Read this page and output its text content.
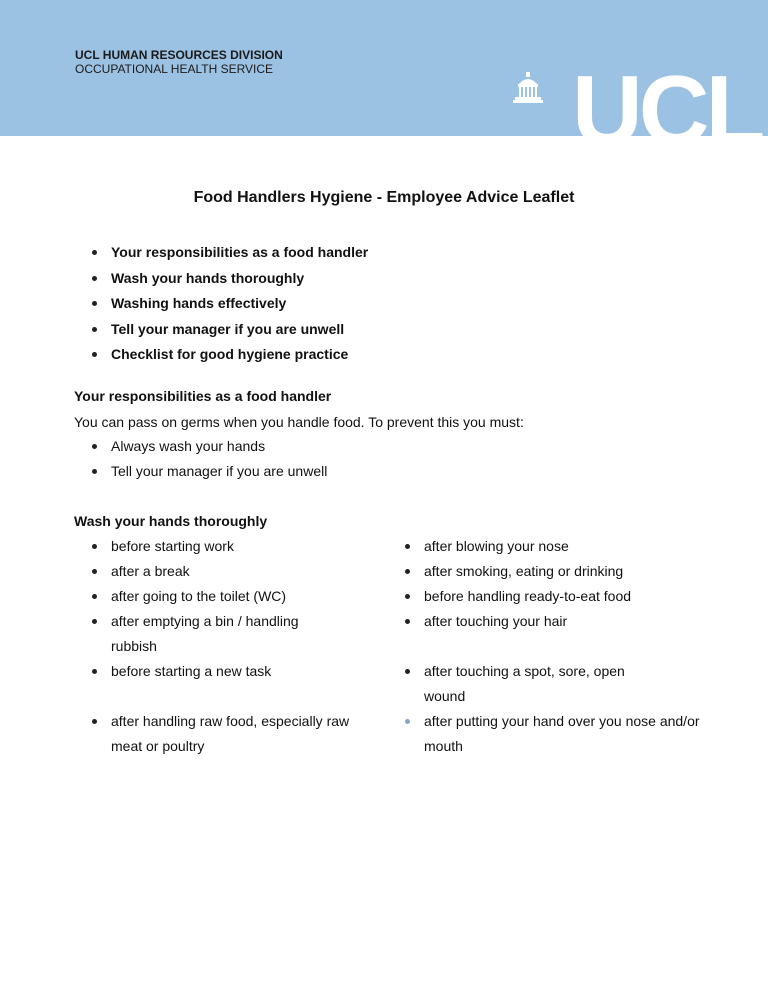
UCL HUMAN RESOURCES DIVISION
OCCUPATIONAL HEALTH SERVICE	UCL
Food Handlers Hygiene - Employee Advice Leaflet
Your responsibilities as a food handler
Wash your hands thoroughly
Washing hands effectively
Tell your manager if you are unwell
Checklist for good hygiene practice
Your responsibilities as a food handler
You can pass on germs when you handle food. To prevent this you must:
Always wash your hands
Tell your manager if you are unwell
Wash your hands thoroughly
before starting work
after a break
after going to the toilet (WC)
after emptying a bin / handling rubbish
before starting a new task
after handling raw food, especially raw meat or poultry
after blowing your nose
after smoking, eating or drinking
before handling ready-to-eat food
after touching your hair
after touching a spot, sore, open wound
after putting your hand over you nose and/or mouth
